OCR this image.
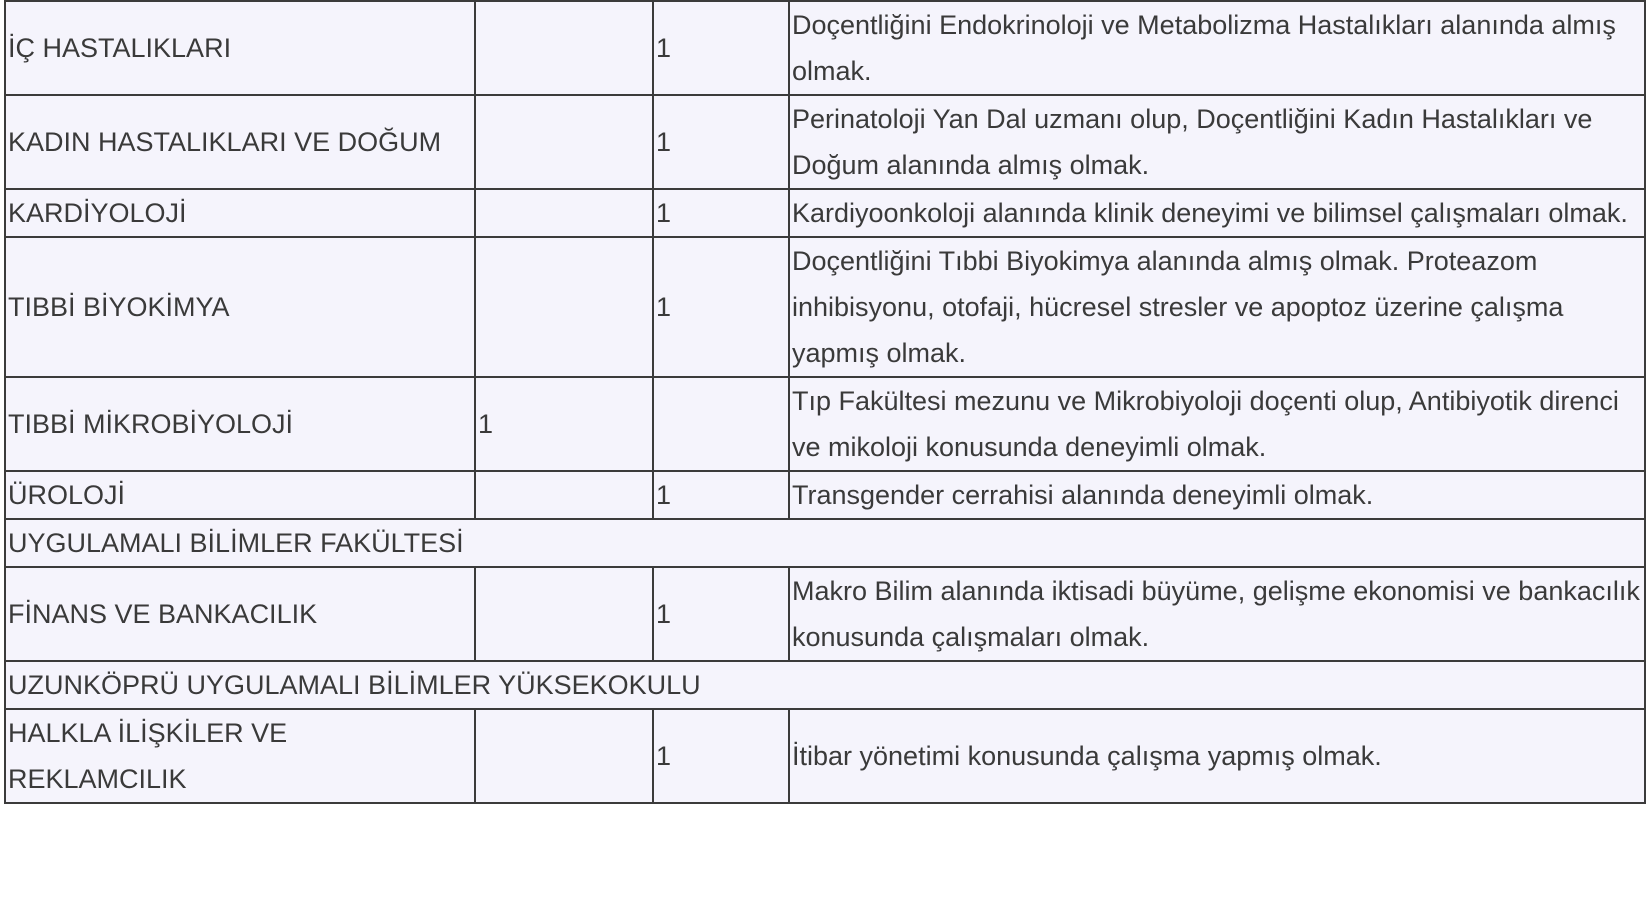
İÇ HASTALIKLARI		1	Doçentliğini Endokrinoloji ve Metabolizma Hastalıkları alanında almış olmak.
KADIN HASTALIKLARI VE DOĞUM		1	Perinatoloji Yan Dal uzmanı olup, Doçentliğini Kadın Hastalıkları ve Doğum alanında almış olmak.
KARDİYOLOJİ		1	Kardiyoonkoloji alanında klinik deneyimi ve bilimsel çalışmaları olmak.
TIBBİ BİYOKİMYA		1	Doçentliğini Tıbbi Biyokimya alanında almış olmak. Proteazom inhibisyonu, otofaji, hücresel stresler ve apoptoz üzerine çalışma yapmış olmak.
TIBBİ MİKROBİYOLOJİ	1		Tıp Fakültesi mezunu ve Mikrobiyoloji doçenti olup, Antibiyotik direnci ve mikoloji konusunda deneyimli olmak.
ÜROLOJİ		1	Transgender cerrahisi alanında deneyimli olmak.
UYGULAMALI BİLİMLER FAKÜLTESİ			
FİNANS VE BANKACILIK		1	Makro Bilim alanında iktisadi büyüme, gelişme ekonomisi ve bankacılık konusunda çalışmaları olmak.
UZUNKÖPRÜ UYGULAMALI BİLİMLER YÜKSEKOKULU			
HALKLA İLİŞKİLER VE REKLAMCILIK		1	İtibar yönetimi konusunda çalışma yapmış olmak.
